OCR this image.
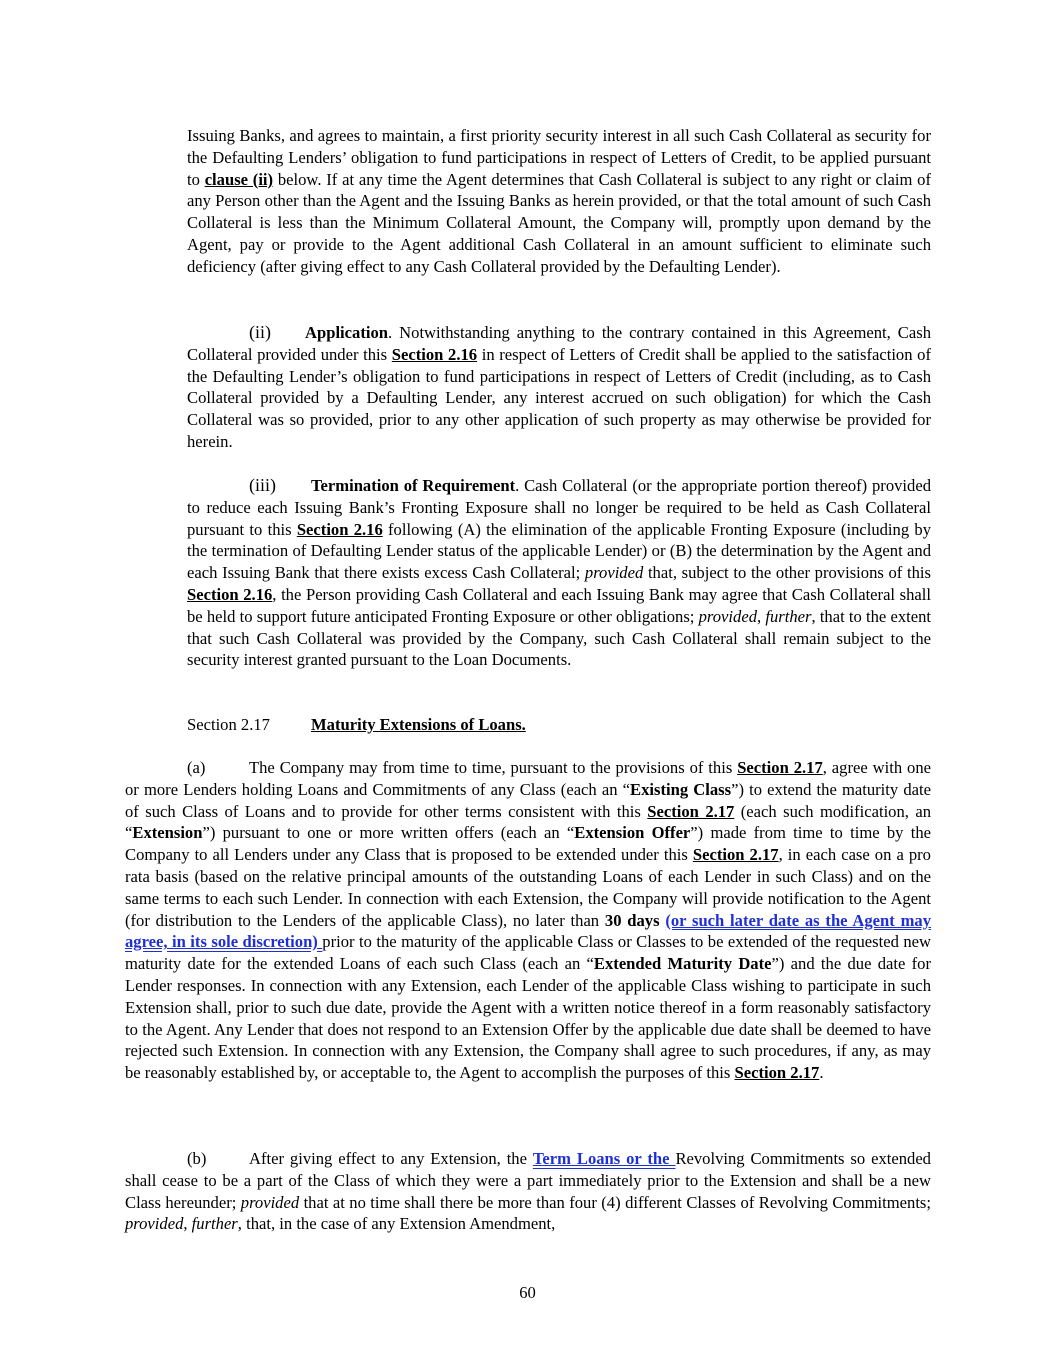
Issuing Banks, and agrees to maintain, a first priority security interest in all such Cash Collateral as security for the Defaulting Lenders’ obligation to fund participations in respect of Letters of Credit, to be applied pursuant to clause (ii) below. If at any time the Agent determines that Cash Collateral is subject to any right or claim of any Person other than the Agent and the Issuing Banks as herein provided, or that the total amount of such Cash Collateral is less than the Minimum Collateral Amount, the Company will, promptly upon demand by the Agent, pay or provide to the Agent additional Cash Collateral in an amount sufficient to eliminate such deficiency (after giving effect to any Cash Collateral provided by the Defaulting Lender).

(ii) Application. Notwithstanding anything to the contrary contained in this Agreement, Cash Collateral provided under this Section 2.16 in respect of Letters of Credit shall be applied to the satisfaction of the Defaulting Lender’s obligation to fund participations in respect of Letters of Credit (including, as to Cash Collateral provided by a Defaulting Lender, any interest accrued on such obligation) for which the Cash Collateral was so provided, prior to any other application of such property as may otherwise be provided for herein.

(iii) Termination of Requirement. Cash Collateral (or the appropriate portion thereof) provided to reduce each Issuing Bank’s Fronting Exposure shall no longer be required to be held as Cash Collateral pursuant to this Section 2.16 following (A) the elimination of the applicable Fronting Exposure (including by the termination of Defaulting Lender status of the applicable Lender) or (B) the determination by the Agent and each Issuing Bank that there exists excess Cash Collateral; provided that, subject to the other provisions of this Section 2.16, the Person providing Cash Collateral and each Issuing Bank may agree that Cash Collateral shall be held to support future anticipated Fronting Exposure or other obligations; provided, further, that to the extent that such Cash Collateral was provided by the Company, such Cash Collateral shall remain subject to the security interest granted pursuant to the Loan Documents.

Section 2.17 Maturity Extensions of Loans.

(a)	The Company may from time to time, pursuant to the provisions of this Section 2.17, agree with one or more Lenders holding Loans and Commitments of any Class (each an “Existing Class”) to extend the maturity date of such Class of Loans and to provide for other terms consistent with this Section 2.17 (each such modification, an “Extension”) pursuant to one or more written offers (each an “Extension Offer”) made from time to time by the Company to all Lenders under any Class that is proposed to be extended under this Section 2.17, in each case on a pro rata basis (based on the relative principal amounts of the outstanding Loans of each Lender in such Class) and on the same terms to each such Lender. In connection with each Extension, the Company will provide notification to the Agent (for distribution to the Lenders of the applicable Class), no later than 30 days (or such later date as the Agent may agree, in its sole discretion) prior to the maturity of the applicable Class or Classes to be extended of the requested new maturity date for the extended Loans of each such Class (each an “Extended Maturity Date”) and the due date for Lender responses. In connection with any Extension, each Lender of the applicable Class wishing to participate in such Extension shall, prior to such due date, provide the Agent with a written notice thereof in a form reasonably satisfactory to the Agent. Any Lender that does not respond to an Extension Offer by the applicable due date shall be deemed to have rejected such Extension. In connection with any Extension, the Company shall agree to such procedures, if any, as may be reasonably established by, or acceptable to, the Agent to accomplish the purposes of this Section 2.17.

(b)	After giving effect to any Extension, the Term Loans or the Revolving Commitments so extended shall cease to be a part of the Class of which they were a part immediately prior to the Extension and shall be a new Class hereunder; provided that at no time shall there be more than four (4) different Classes of Revolving Commitments; provided, further, that, in the case of any Extension Amendment,

60
